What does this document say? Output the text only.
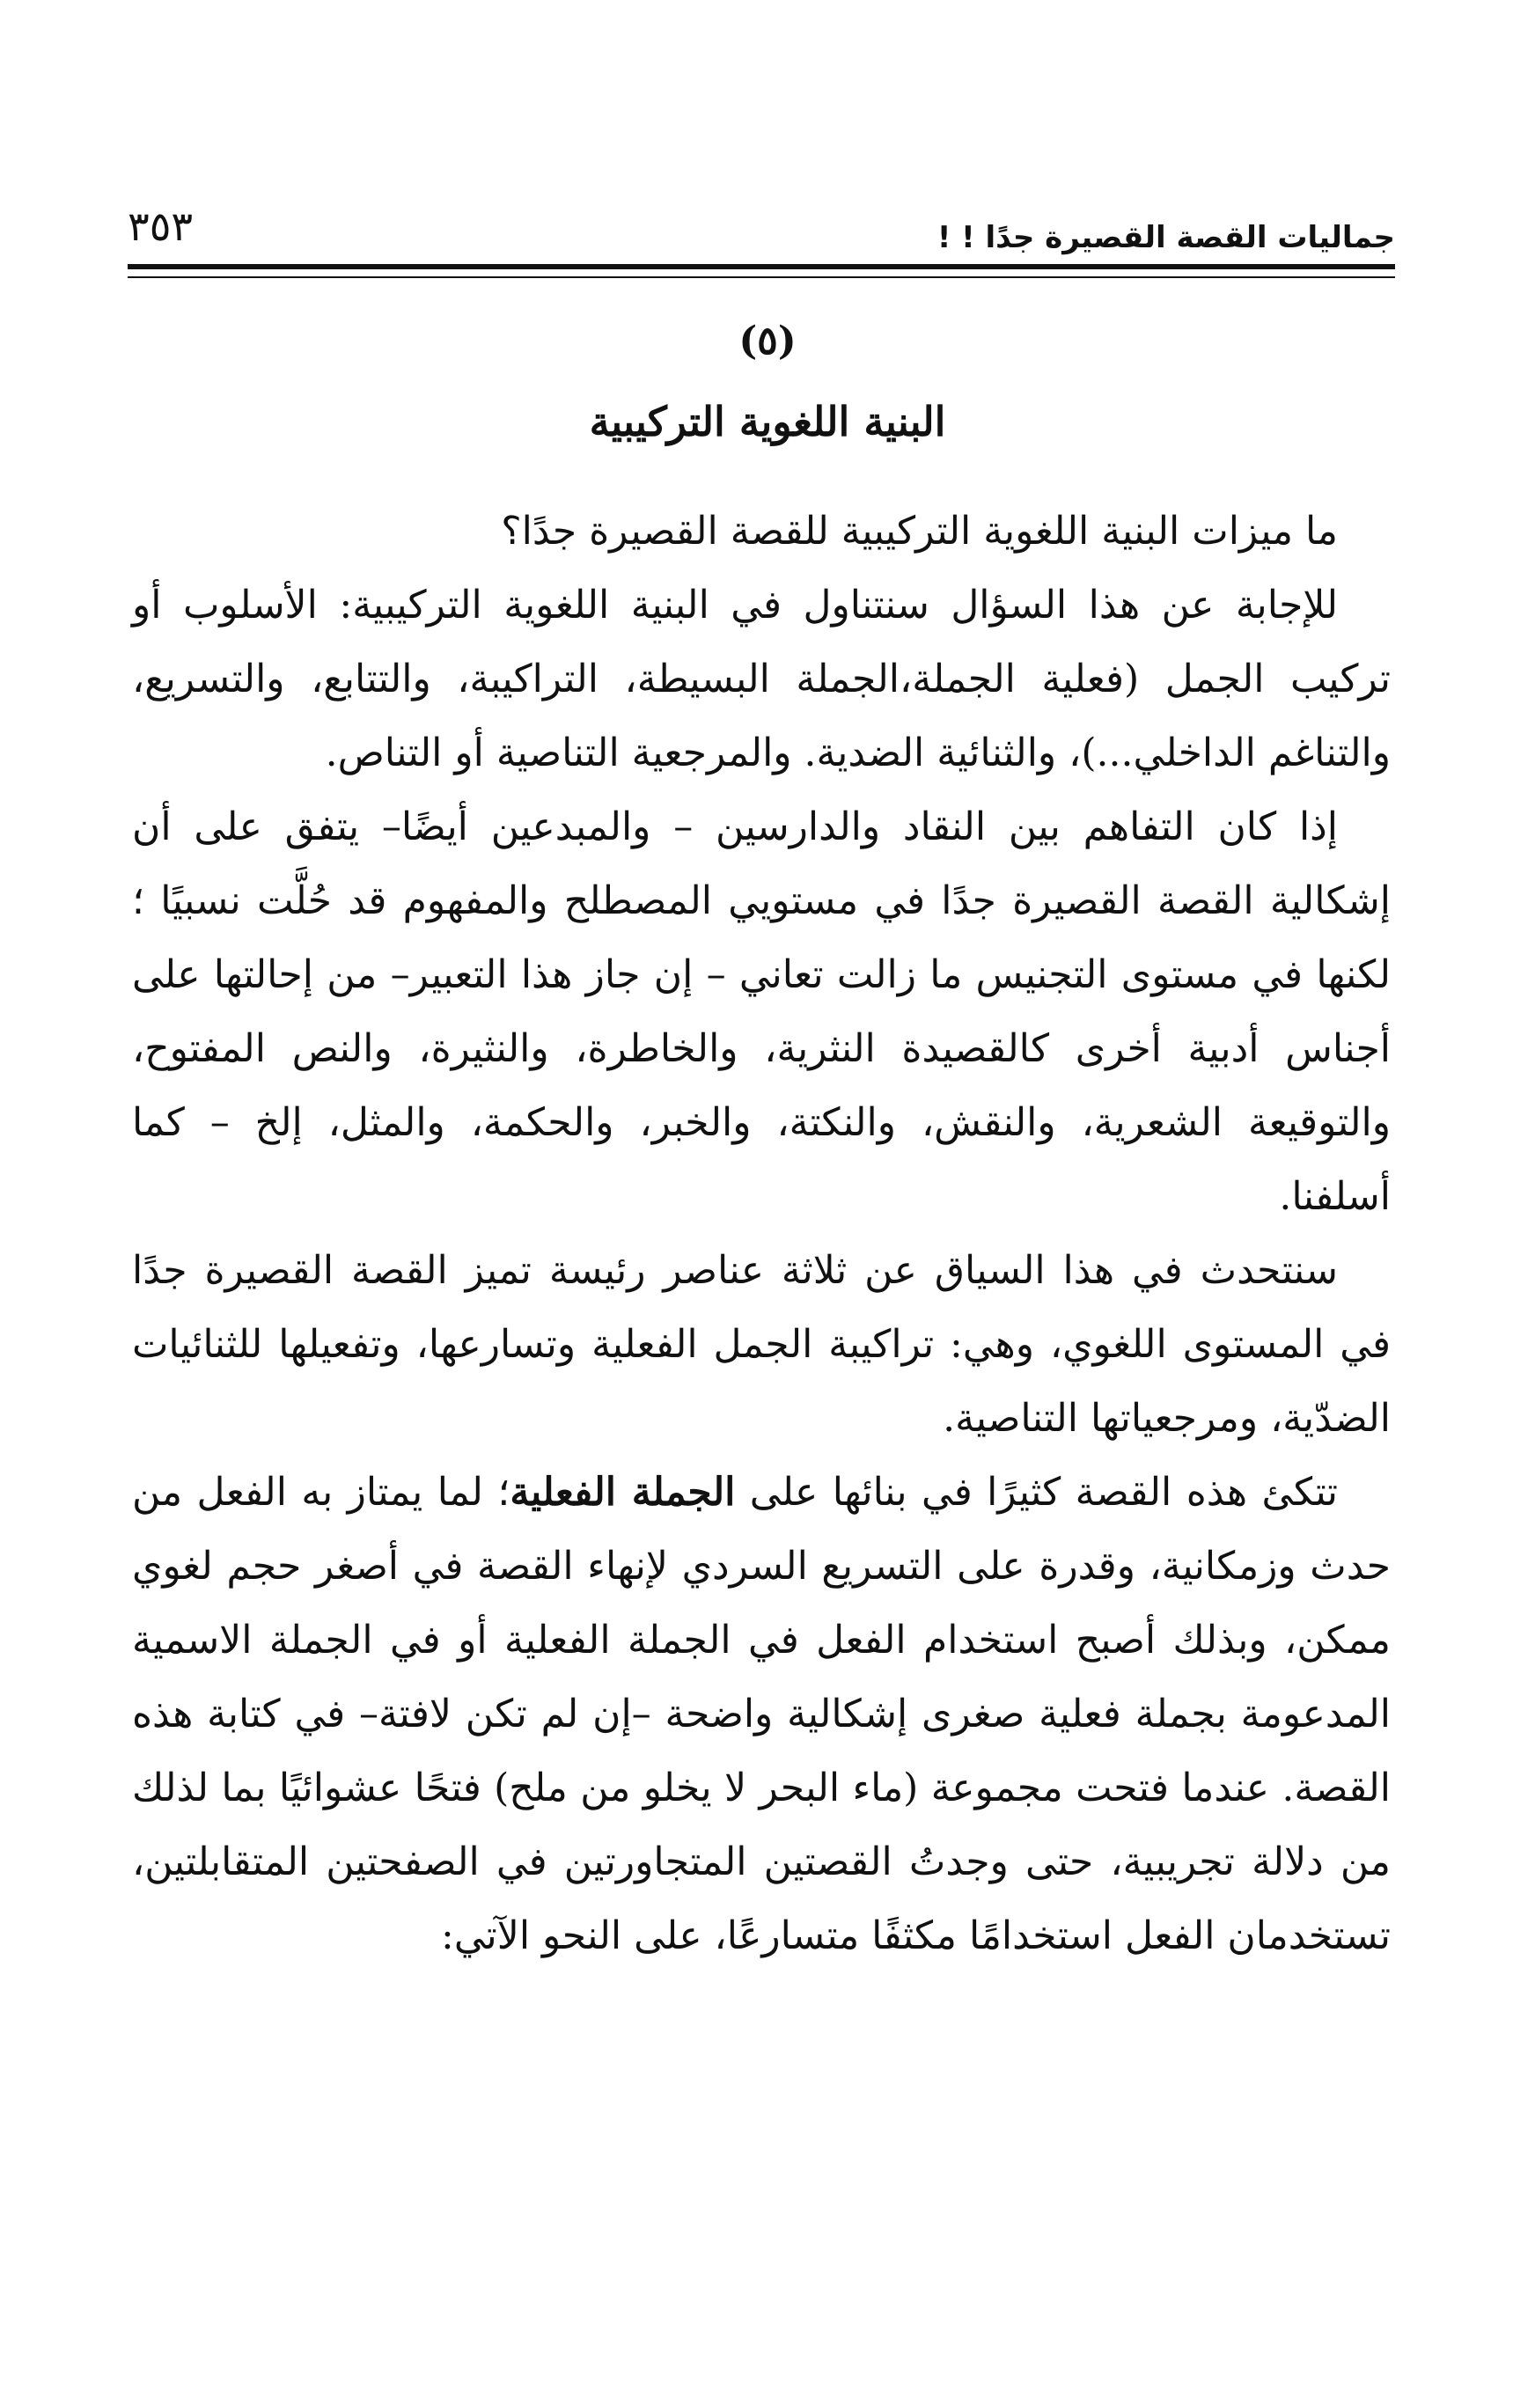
جماليات القصة القصيرة جدًا ! !
٣٥٣
(٥)
البنية اللغوية التركيبية

ما ميزات البنية اللغوية التركيبية للقصة القصيرة جدًا؟

للإجابة عن هذا السؤال سنتناول في البنية اللغوية التركيبية: الأسلوب أو تركيب الجمل (فعلية الجملة،الجملة البسيطة، التراكيبة، والتتابع، والتسريع، والتناغم الداخلي...)، والثنائية الضدية. والمرجعية التناصية أو التناص.

إذا كان التفاهم بين النقاد والدارسين – والمبدعين أيضًا– يتفق على أن إشكالية القصة القصيرة جدًا في مستويي المصطلح والمفهوم قد حُلَّت نسبيًا ؛ لكنها في مستوى التجنيس ما زالت تعاني – إن جاز هذا التعبير– من إحالتها على أجناس أدبية أخرى كالقصيدة النثرية، والخاطرة، والنثيرة، والنص المفتوح، والتوقيعة الشعرية، والنقش، والنكتة، والخبر، والحكمة، والمثل، إلخ – كما أسلفنا.

سنتحدث في هذا السياق عن ثلاثة عناصر رئيسة تميز القصة القصيرة جدًا في المستوى اللغوي، وهي: تراكيبة الجمل الفعلية وتسارعها، وتفعيلها للثنائيات الضدّية، ومرجعياتها التناصية.

تتكئ هذه القصة كثيرًا في بنائها على الجملة الفعلية؛ لما يمتاز به الفعل من حدث وزمكانية، وقدرة على التسريع السردي لإنهاء القصة في أصغر حجم لغوي ممكن، وبذلك أصبح استخدام الفعل في الجملة الفعلية أو في الجملة الاسمية المدعومة بجملة فعلية صغرى إشكالية واضحة –إن لم تكن لافتة– في كتابة هذه القصة. عندما فتحت مجموعة (ماء البحر لا يخلو من ملح) فتحًا عشوائيًا بما لذلك من دلالة تجريبية، حتى وجدتُ القصتين المتجاورتين في الصفحتين المتقابلتين، تستخدمان الفعل استخدامًا مكثفًا متسارعًا، على النحو الآتي:
